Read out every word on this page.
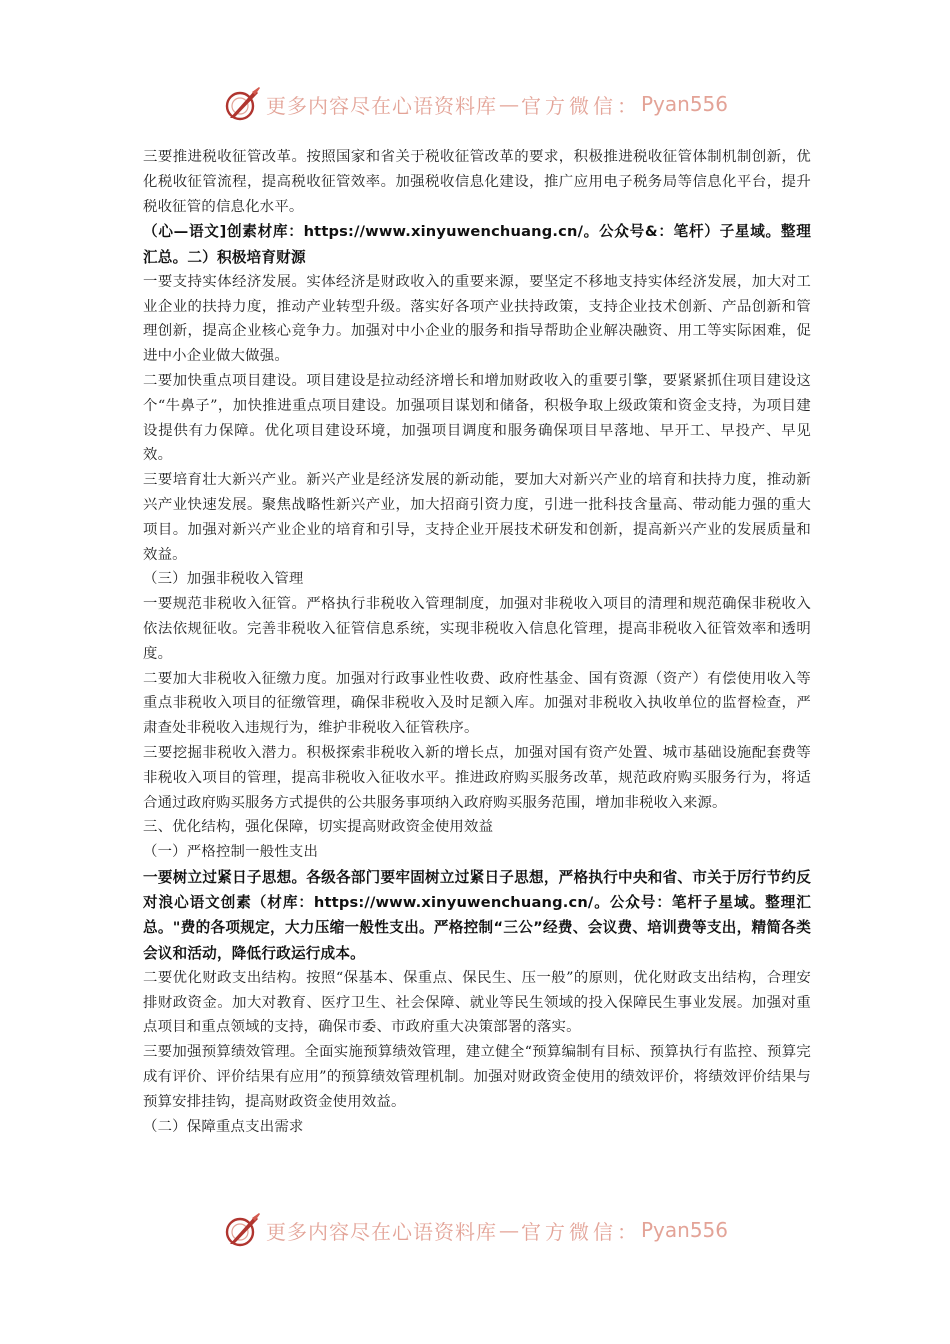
更多内容尽在心语资料库 — 官方微信： Pyan556

三要推进税收征管改革。按照国家和省关于税收征管改革的要求，积极推进税收征管体制机制创新，优化税收征管流程，提高税收征管效率。加强税收信息化建设，推广应用电子税务局等信息化平台，提升税收征管的信息化水平。

（心—语文]创素材库：https://www.xinyuwenchuang.cn/。公众号&：笔杆）子星域。整理汇总。二）积极培育财源

一要支持实体经济发展。实体经济是财政收入的重要来源，要坚定不移地支持实体经济发展，加大对工业企业的扶持力度，推动产业转型升级。落实好各项产业扶持政策，支持企业技术创新、产品创新和管理创新，提高企业核心竞争力。加强对中小企业的服务和指导帮助企业解决融资、用工等实际困难，促进中小企业做大做强。

二要加快重点项目建设。项目建设是拉动经济增长和增加财政收入的重要引擎，要紧紧抓住项目建设这个“牛鼻子”，加快推进重点项目建设。加强项目谋划和储备，积极争取上级政策和资金支持，为项目建设提供有力保障。优化项目建设环境，加强项目调度和服务确保项目早落地、早开工、早投产、早见效。

三要培育壮大新兴产业。新兴产业是经济发展的新动能，要加大对新兴产业的培育和扶持力度，推动新兴产业快速发展。聚焦战略性新兴产业，加大招商引资力度，引进一批科技含量高、带动能力强的重大项目。加强对新兴产业企业的培育和引导，支持企业开展技术研发和创新，提高新兴产业的发展质量和效益。

（三）加强非税收入管理

一要规范非税收入征管。严格执行非税收入管理制度，加强对非税收入项目的清理和规范确保非税收入依法依规征收。完善非税收入征管信息系统，实现非税收入信息化管理，提高非税收入征管效率和透明度。

二要加大非税收入征缴力度。加强对行政事业性收费、政府性基金、国有资源（资产）有偿使用收入等重点非税收入项目的征缴管理，确保非税收入及时足额入库。加强对非税收入执收单位的监督检查，严肃查处非税收入违规行为，维护非税收入征管秩序。

三要挖掘非税收入潜力。积极探索非税收入新的增长点，加强对国有资产处置、城市基础设施配套费等非税收入项目的管理，提高非税收入征收水平。推进政府购买服务改革，规范政府购买服务行为，将适合通过政府购买服务方式提供的公共服务事项纳入政府购买服务范围，增加非税收入来源。

三、优化结构，强化保障，切实提高财政资金使用效益

（一）严格控制一般性支出

一要树立过紧日子思想。各级各部门要牢固树立过紧日子思想，严格执行中央和省、市关于厉行节约反对浪心语文创素（材库：https://www.xinyuwenchuang.cn/。公众号：笔杆子星域。整理汇总。"费的各项规定，大力压缩一般性支出。严格控制“三公”经费、会议费、培训费等支出，精简各类会议和活动，降低行政运行成本。

二要优化财政支出结构。按照“保基本、保重点、保民生、压一般”的原则，优化财政支出结构，合理安排财政资金。加大对教育、医疗卫生、社会保障、就业等民生领域的投入保障民生事业发展。加强对重点项目和重点领域的支持，确保市委、市政府重大决策部署的落实。

三要加强预算绩效管理。全面实施预算绩效管理，建立健全“预算编制有目标、预算执行有监控、预算完成有评价、评价结果有应用”的预算绩效管理机制。加强对财政资金使用的绩效评价，将绩效评价结果与预算安排挂钩，提高财政资金使用效益。

（二）保障重点支出需求

更多内容尽在心语资料库 — 官方微信： Pyan556
